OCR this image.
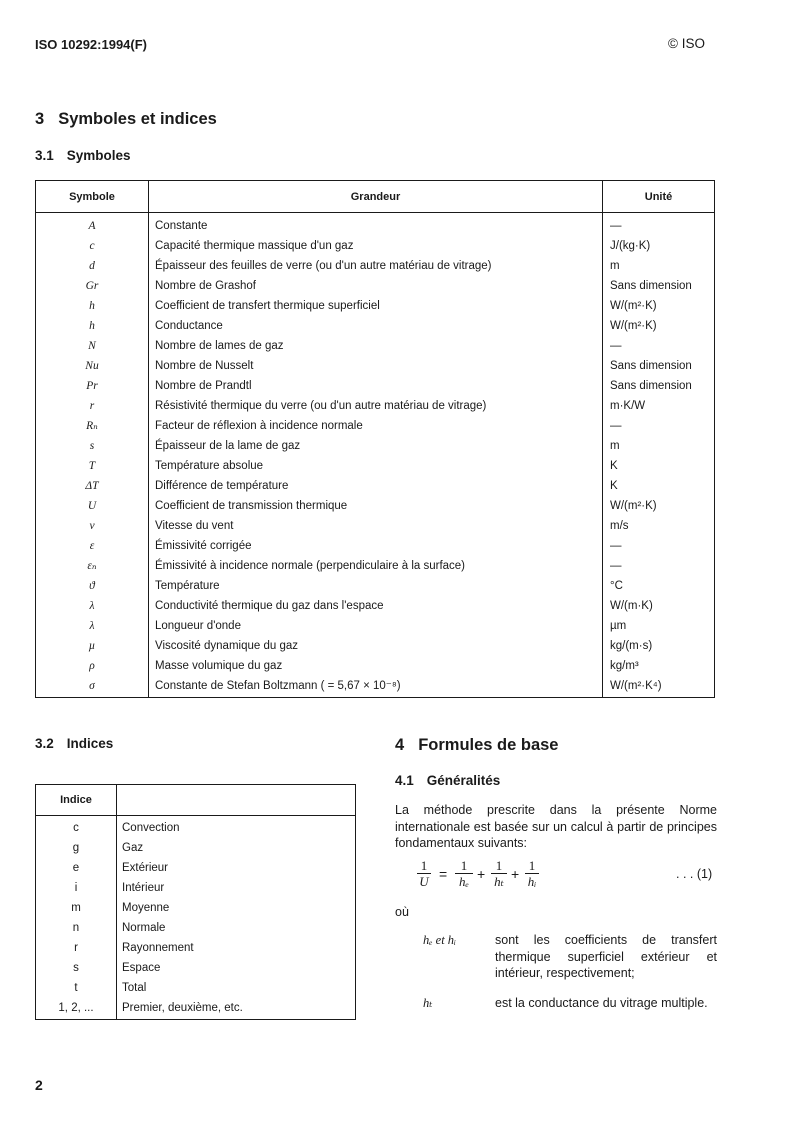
ISO 10292:1994(F)	© ISO
3 Symboles et indices
3.1 Symboles
Symbole	Grandeur	Unité
A	Constante	—
c	Capacité thermique massique d'un gaz	J/(kg·K)
d	Épaisseur des feuilles de verre (ou d'un autre matériau de vitrage)	m
Gr	Nombre de Grashof	Sans dimension
h	Coefficient de transfert thermique superficiel	W/(m²·K)
h	Conductance	W/(m²·K)
N	Nombre de lames de gaz	—
Nu	Nombre de Nusselt	Sans dimension
Pr	Nombre de Prandtl	Sans dimension
r	Résistivité thermique du verre (ou d'un autre matériau de vitrage)	m·K/W
Rₙ	Facteur de réflexion à incidence normale	—
s	Épaisseur de la lame de gaz	m
T	Température absolue	K
ΔT	Différence de température	K
U	Coefficient de transmission thermique	W/(m²·K)
v	Vitesse du vent	m/s
ε	Émissivité corrigée	—
εₙ	Émissivité à incidence normale (perpendiculaire à la surface)	—
ϑ	Température	°C
λ	Conductivité thermique du gaz dans l'espace	W/(m·K)
λ	Longueur d'onde	µm
µ	Viscosité dynamique du gaz	kg/(m·s)
ρ	Masse volumique du gaz	kg/m³
σ	Constante de Stefan Boltzmann ( = 5,67 × 10⁻⁸)	W/(m²·K⁴)
3.2 Indices
Indice
c	Convection
g	Gaz
e	Extérieur
i	Intérieur
m	Moyenne
n	Normale
r	Rayonnement
s	Espace
t	Total
1, 2, ...	Premier, deuxième, etc.
4 Formules de base
4.1 Généralités
La méthode prescrite dans la présente Norme internationale est basée sur un calcul à partir de principes fondamentaux suivants:
1
U =
1
hₑ +
1
hₜ +
1
hᵢ	. . . (1)
où
hₑ et hᵢ	sont les coefficients de transfert thermique superficiel extérieur et intérieur, respectivement;
hₜ	est la conductance du vitrage multiple.
2
